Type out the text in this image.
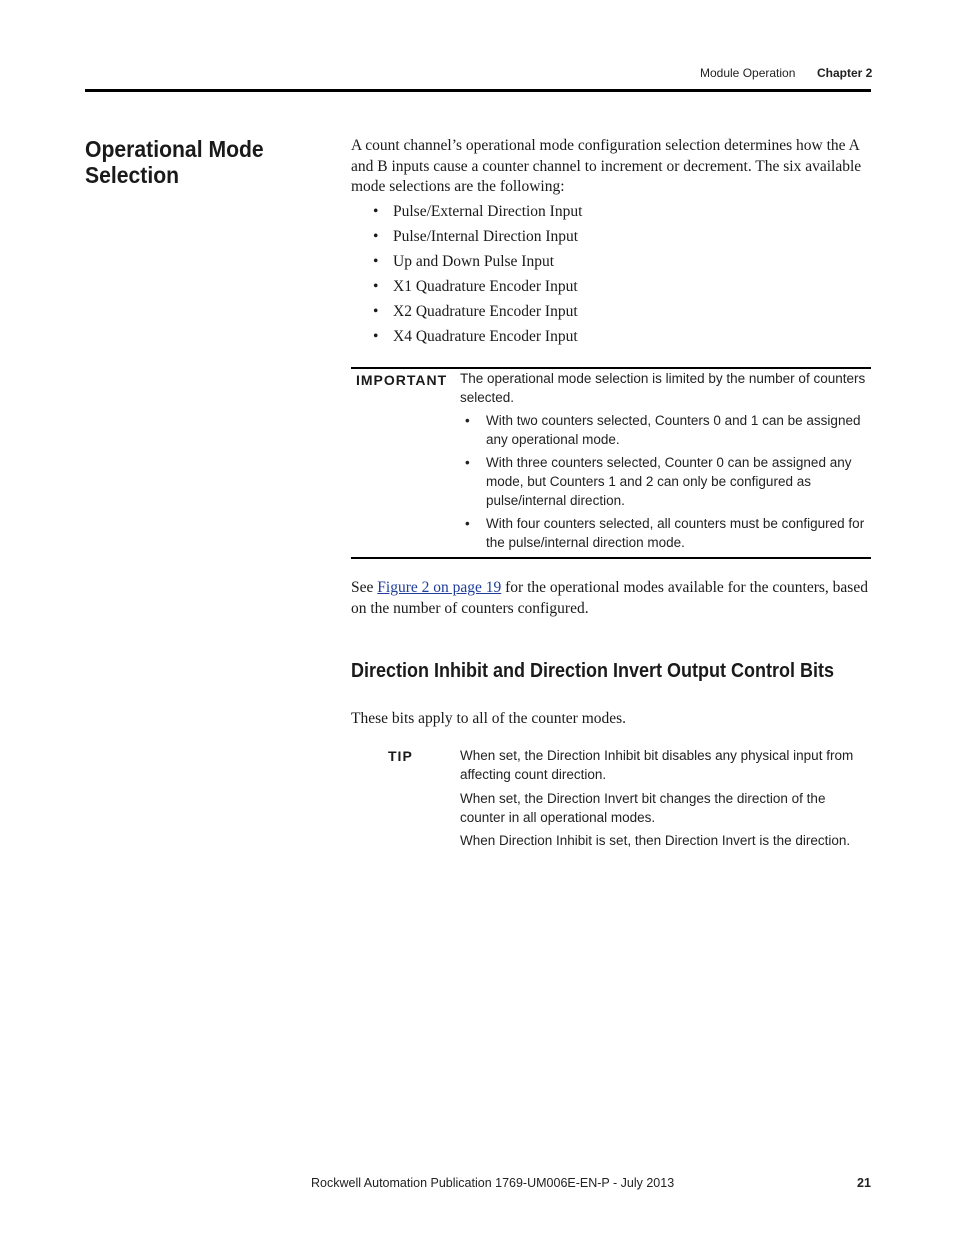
Module Operation Chapter 2
Operational Mode Selection
A count channel’s operational mode configuration selection determines how the A and B inputs cause a counter channel to increment or decrement. The six available mode selections are the following:
• Pulse/External Direction Input
• Pulse/Internal Direction Input
• Up and Down Pulse Input
• X1 Quadrature Encoder Input
• X2 Quadrature Encoder Input
• X4 Quadrature Encoder Input
IMPORTANT The operational mode selection is limited by the number of counters selected.
• With two counters selected, Counters 0 and 1 can be assigned any operational mode.
• With three counters selected, Counter 0 can be assigned any mode, but Counters 1 and 2 can only be configured as pulse/internal direction.
• With four counters selected, all counters must be configured for the pulse/internal direction mode.
See Figure 2 on page 19 for the operational modes available for the counters, based on the number of counters configured.
Direction Inhibit and Direction Invert Output Control Bits
These bits apply to all of the counter modes.
TIP	When set, the Direction Inhibit bit disables any physical input from affecting count direction.
When set, the Direction Invert bit changes the direction of the counter in all operational modes.
When Direction Inhibit is set, then Direction Invert is the direction.
Rockwell Automation Publication 1769-UM006E-EN-P - July 2013	21
